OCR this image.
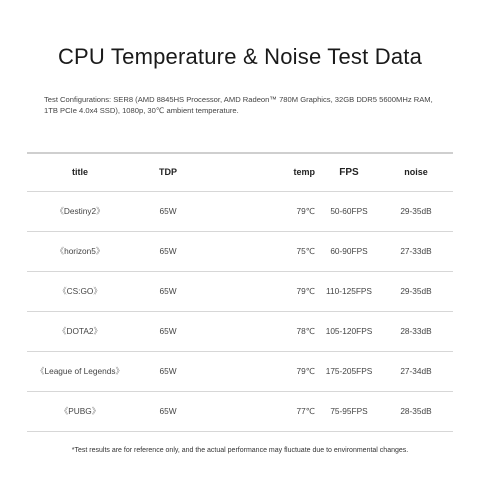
CPU Temperature & Noise Test Data
Test Configurations: SER8 (AMD 8845HS Processor, AMD Radeon™ 780M Graphics, 32GB DDR5 5600MHz RAM, 1TB PCIe 4.0x4 SSD), 1080p, 30℃ ambient temperature.
title	TDP	temp	FPS	noise
《Destiny2》	65W	79℃	50-60FPS	29-35dB
《horizon5》	65W	75℃	60-90FPS	27-33dB
《CS:GO》	65W	79℃	110-125FPS	29-35dB
《DOTA2》	65W	78℃	105-120FPS	28-33dB
《League of Legends》	65W	79℃	175-205FPS	27-34dB
《PUBG》	65W	77℃	75-95FPS	28-35dB
*Test results are for reference only, and the actual performance may fluctuate due to environmental changes.
